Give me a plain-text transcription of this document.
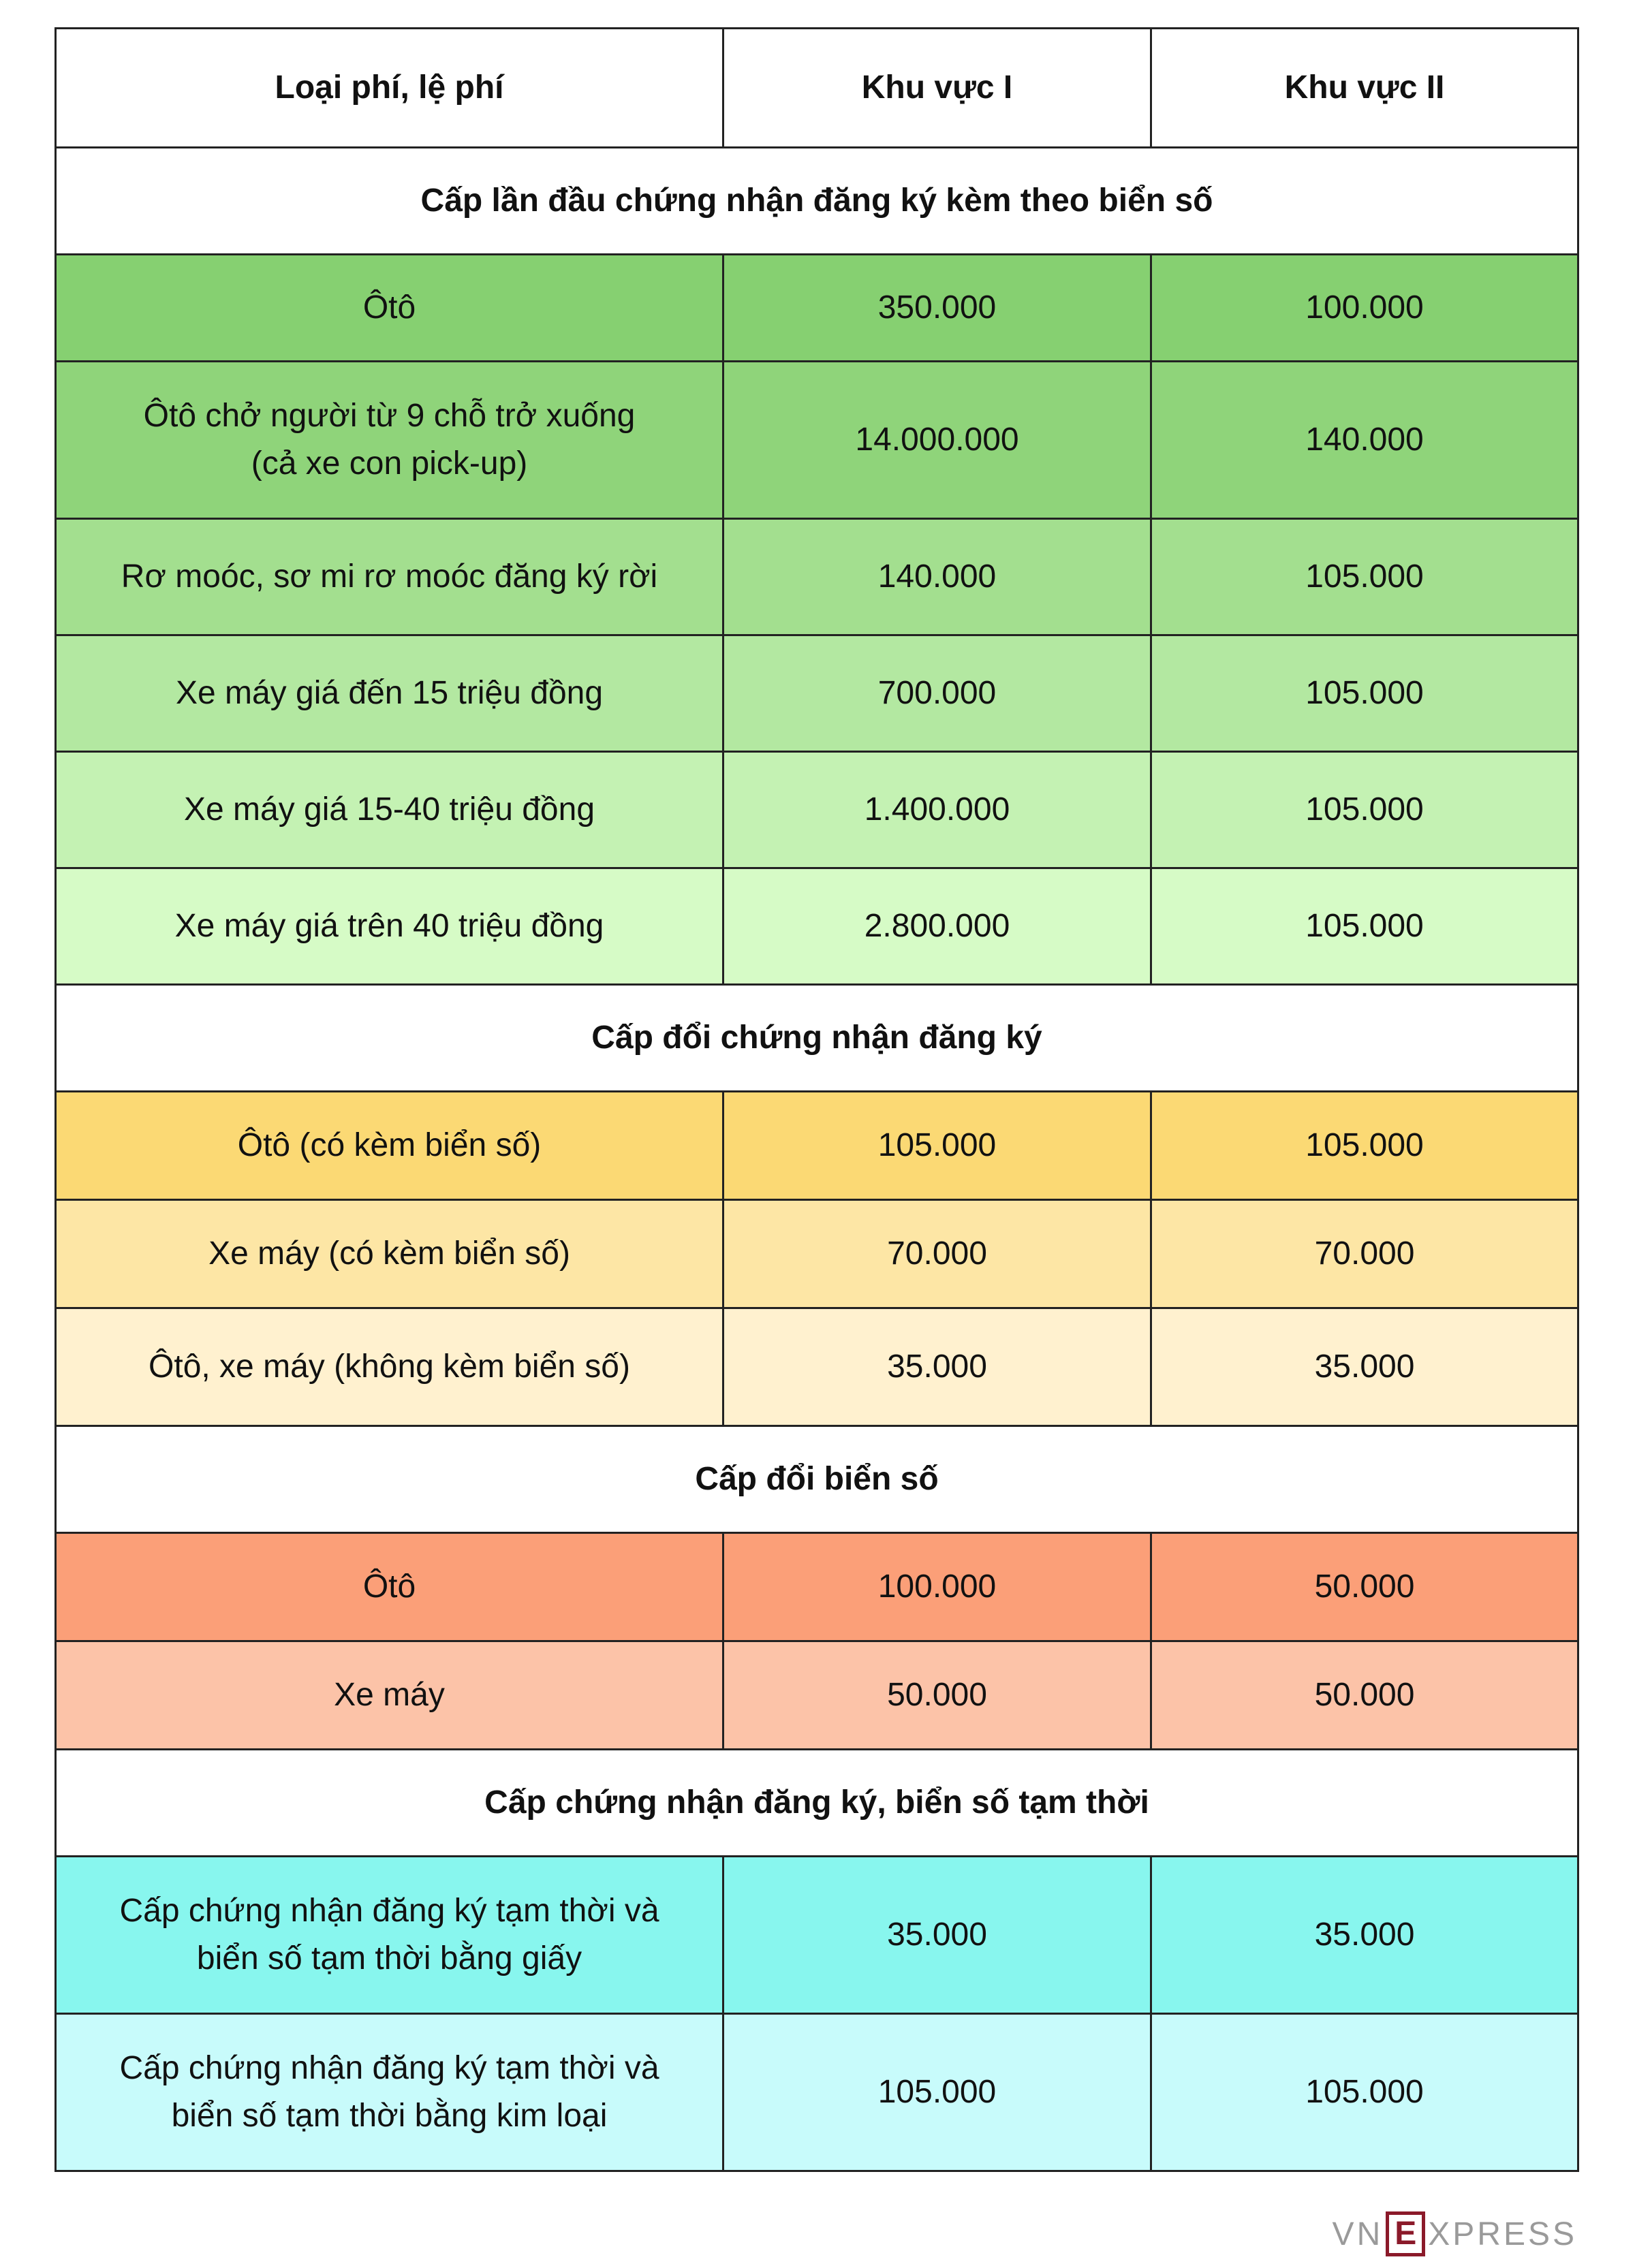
Loại phí, lệ phí	Khu vực I	Khu vực II
Cấp lần đầu chứng nhận đăng ký kèm theo biển số		

Ôtô	350.000	100.000

Ôtô chở người từ 9 chỗ trở xuống
(cả xe con pick-up)	14.000.000	140.000

Rơ moóc, sơ mi rơ moóc đăng ký rời	140.000	105.000

Xe máy giá đến 15 triệu đồng	700.000	105.000

Xe máy giá 15-40 triệu đồng	1.400.000	105.000

Xe máy giá trên 40 triệu đồng	2.800.000	105.000
Cấp đổi chứng nhận đăng ký		

Ôtô (có kèm biển số)	105.000	105.000

Xe máy (có kèm biển số)	70.000	70.000

Ôtô, xe máy (không kèm biển số)	35.000	35.000
Cấp đổi biển số		

Ôtô	100.000	50.000

Xe máy	50.000	50.000
Cấp chứng nhận đăng ký, biển số tạm thời		

Cấp chứng nhận đăng ký tạm thời và
biển số tạm thời bằng giấy	35.000	35.000

Cấp chứng nhận đăng ký tạm thời và
biển số tạm thời bằng kim loại	105.000	105.000
VN E XPRESS
